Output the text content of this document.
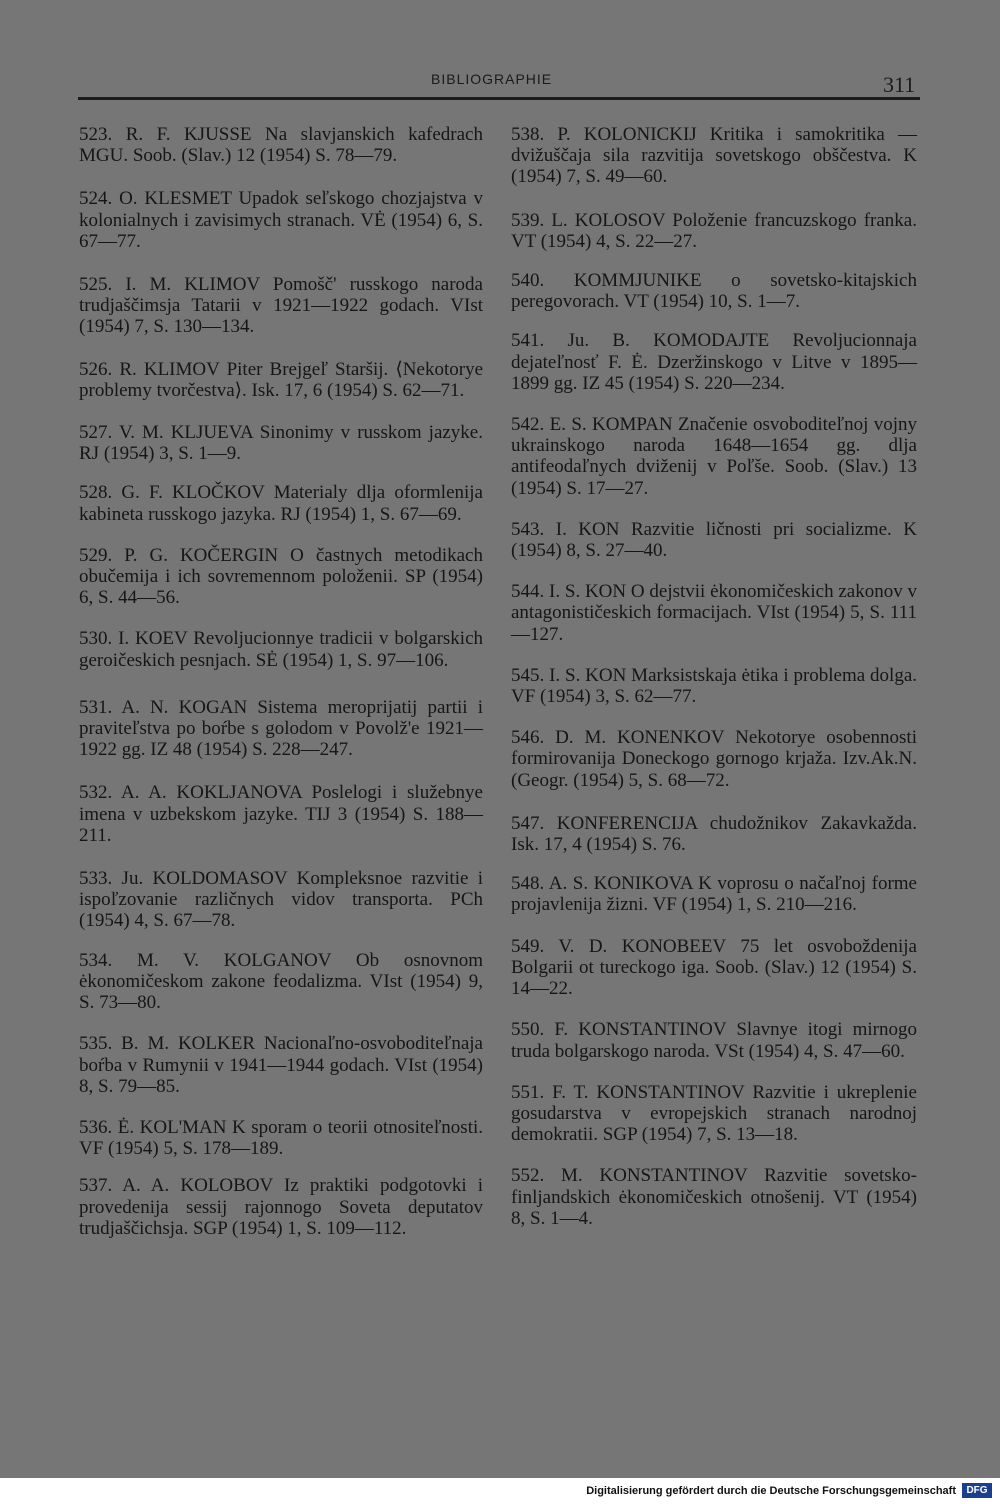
BIBLIOGRAPHIE	311

523. R. F. KJUSSE Na slavjanskich kafedrach MGU. Soob. (Slav.) 12 (1954) S. 78—79.

524. O. KLESMET Upadok seľskogo chozjajstva v kolonialnych i zavisimych stranach. VĖ (1954) 6, S. 67—77.

525. I. M. KLIMOV Pomošč' russkogo naroda trudjaščimsja Tatarii v 1921—1922 godach. VIst (1954) 7, S. 130—134.

526. R. KLIMOV Piter Brejgeľ Staršij. ⟨Nekotorye problemy tvorčestva⟩. Isk. 17, 6 (1954) S. 62—71.

527. V. M. KLJUEVA Sinonimy v russkom jazyke. RJ (1954) 3, S. 1—9.

528. G. F. KLOČKOV Materialy dlja oformlenija kabineta russkogo jazyka. RJ (1954) 1, S. 67—69.

529. P. G. KOČERGIN O častnych metodikach obučemija i ich sovremennom položenii. SP (1954) 6, S. 44—56.

530. I. KOEV Revoljucionnye tradicii v bolgarskich geroičeskich pesnjach. SĖ (1954) 1, S. 97—106.

531. A. N. KOGAN Sistema meroprijatij partii i praviteľstva po boŕbe s golodom v Povolž'e 1921—1922 gg. IZ 48 (1954) S. 228—247.

532. A. A. KOKLJANOVA Poslelogi i služebnye imena v uzbekskom jazyke. TIJ 3 (1954) S. 188—211.

533. Ju. KOLDOMASOV Kompleksnoe razvitie i ispoľzovanie različnych vidov transporta. PCh (1954) 4, S. 67—78.

534. M. V. KOLGANOV Ob osnovnom ėkonomičeskom zakone feodalizma. VIst (1954) 9, S. 73—80.

535. B. M. KOLKER Nacionaľno-osvoboditeľnaja boŕba v Rumynii v 1941—1944 godach. VIst (1954) 8, S. 79—85.

536. Ė. KOL'MAN K sporam o teorii otnositeľnosti. VF (1954) 5, S. 178—189.

537. A. A. KOLOBOV Iz praktiki podgotovki i provedenija sessij rajonnogo Soveta deputatov trudjaščichsja. SGP (1954) 1, S. 109—112.

538. P. KOLONICKIJ Kritika i samokritika — dvižuščaja sila razvitija sovetskogo obščestva. K (1954) 7, S. 49—60.

539. L. KOLOSOV Položenie francuzskogo franka. VT (1954) 4, S. 22—27.

540. KOMMJUNIKE o sovetsko-kitajskich peregovorach. VT (1954) 10, S. 1—7.

541. Ju. B. KOMODAJTE Revoljucionnaja dejateľnosť F. Ė. Dzeržinskogo v Litve v 1895—1899 gg. IZ 45 (1954) S. 220—234.

542. E. S. KOMPAN Značenie osvoboditeľnoj vojny ukrainskogo naroda 1648—1654 gg. dlja antifeodaľnych dviženij v Poľše. Soob. (Slav.) 13 (1954) S. 17—27.

543. I. KON Razvitie ličnosti pri socializme. K (1954) 8, S. 27—40.

544. I. S. KON O dejstvii ėkonomičeskich zakonov v antagonističeskich formacijach. VIst (1954) 5, S. 111—127.

545. I. S. KON Marksistskaja ėtika i problema dolga. VF (1954) 3, S. 62—77.

546. D. M. KONENKOV Nekotorye osobennosti formirovanija Doneckogo gornogo krjaža. Izv.Ak.N. (Geogr. (1954) 5, S. 68—72.

547. KONFERENCIJA chudožnikov Zakavkažda. Isk. 17, 4 (1954) S. 76.

548. A. S. KONIKOVA K voprosu o načaľnoj forme projavlenija žizni. VF (1954) 1, S. 210—216.

549. V. D. KONOBEEV 75 let osvoboždenija Bolgarii ot tureckogo iga. Soob. (Slav.) 12 (1954) S. 14—22.

550. F. KONSTANTINOV Slavnye itogi mirnogo truda bolgarskogo naroda. VSt (1954) 4, S. 47—60.

551. F. T. KONSTANTINOV Razvitie i ukreplenie gosudarstva v evropejskich stranach narodnoj demokratii. SGP (1954) 7, S. 13—18.

552. M. KONSTANTINOV Razvitie sovetsko-finljandskich ėkonomičeskich otnošenij. VT (1954) 8, S. 1—4.

Digitalisierung gefördert durch die Deutsche Forschungsgemeinschaft	DFG
